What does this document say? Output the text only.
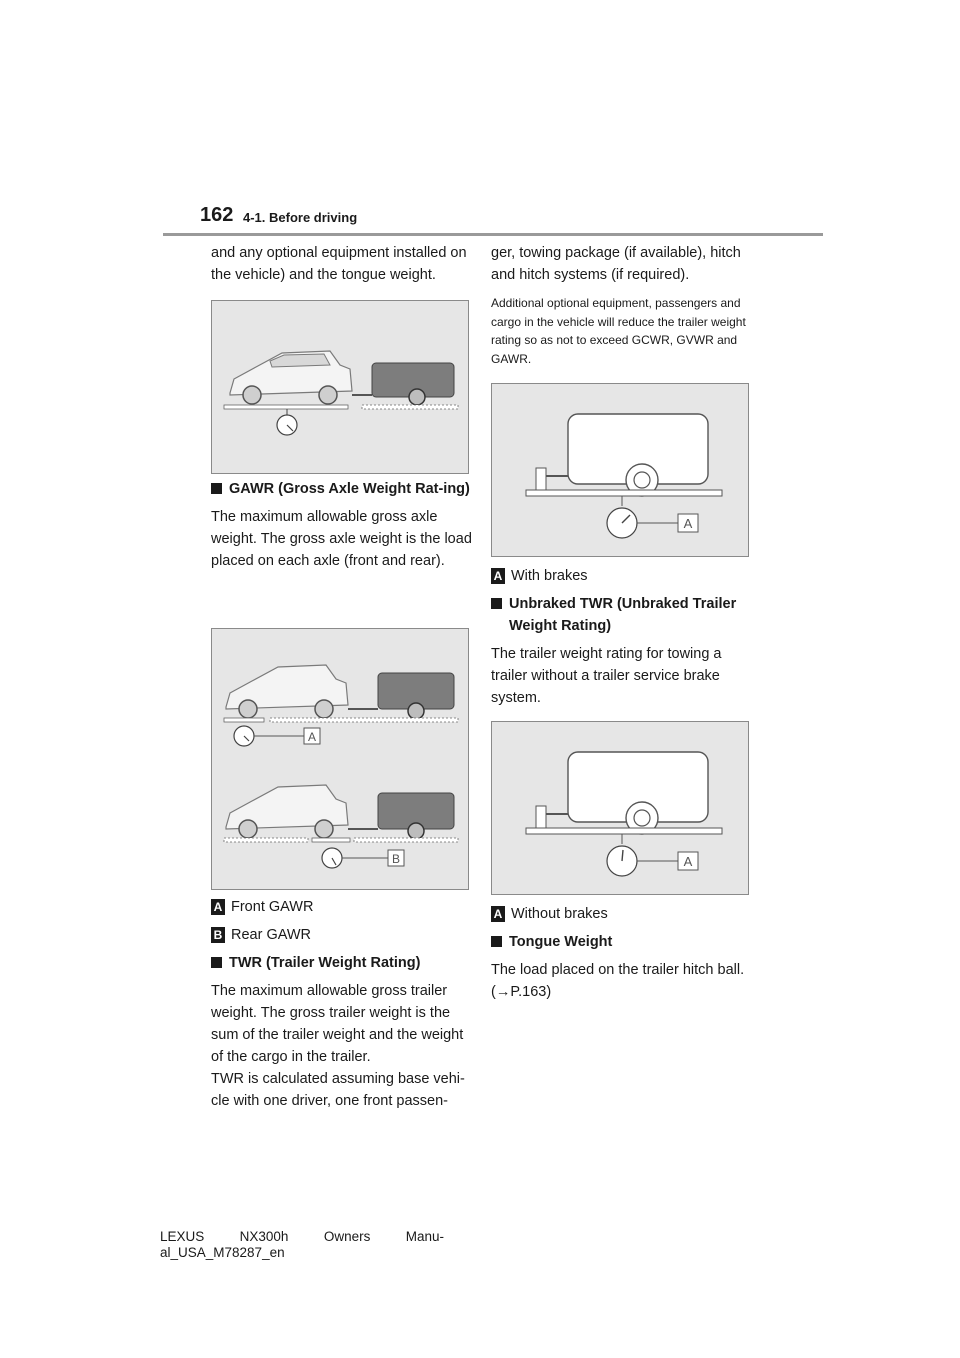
162 4-1. Before driving

and any optional equipment installed on the vehicle) and the tongue weight.

GAWR (Gross Axle Weight Rat-ing)

The maximum allowable gross axle weight. The gross axle weight is the load placed on each axle (front and rear).

A
B
A Front GAWR
B Rear GAWR
TWR (Trailer Weight Rating)

The maximum allowable gross trailer weight. The gross trailer weight is the sum of the trailer weight and the weight of the cargo in the trailer.

TWR is calculated assuming base vehi-cle with one driver, one front passen-

ger, towing package (if available), hitch and hitch systems (if required).

Additional optional equipment, passengers and cargo in the vehicle will reduce the trailer weight rating so as not to exceed GCWR, GVWR and GAWR.

A
A With brakes
Unbraked TWR (Unbraked Trailer Weight Rating)

The trailer weight rating for towing a trailer without a trailer service brake system.

A
A Without brakes
Tongue Weight

The load placed on the trailer hitch ball. (→P.163)

LEXUS	NX300h	Owners	Manu-
al_USA_M78287_en
